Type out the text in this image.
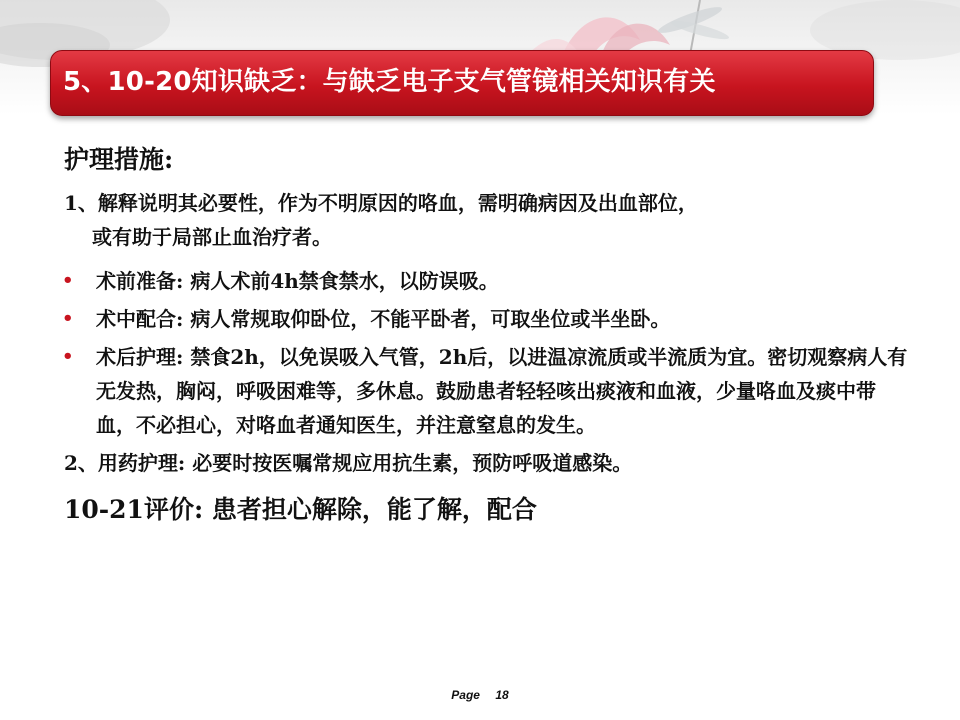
5、10-20知识缺乏：与缺乏电子支气管镜相关知识有关
护理措施:
1、解释说明其必要性，作为不明原因的咯血，需明确病因及出血部位，
或有助于局部止血治疗者。
• 术前准备: 病人术前4h禁食禁水，以防误吸。
• 术中配合: 病人常规取仰卧位，不能平卧者，可取坐位或半坐卧。
• 术后护理: 禁食2h，以免误吸入气管，2h后，以进温凉流质或半流质为宜。密切观察病人有无发热，胸闷，呼吸困难等，多休息。鼓励患者轻轻咳出痰液和血液，少量咯血及痰中带血，不必担心，对咯血者通知医生，并注意窒息的发生。
2、用药护理: 必要时按医嘱常规应用抗生素，预防呼吸道感染。
10-21评价: 患者担心解除，能了解，配合
Page 18
